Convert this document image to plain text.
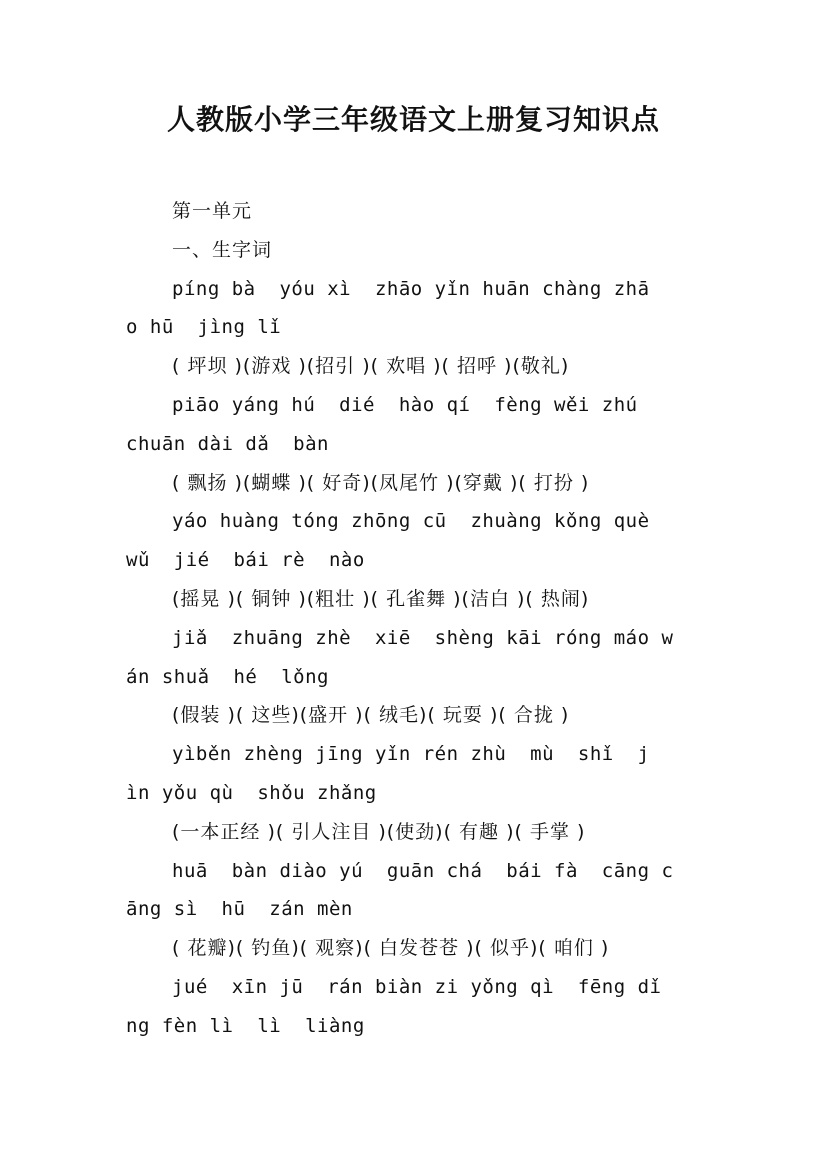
人教版小学三年级语文上册复习知识点
第一单元
一、生字词
píng bà  yóu xì  zhāo yǐn huān chàng zhā
o hū  jìng lǐ
( 坪坝 )(游戏 )(招引 )( 欢唱 )( 招呼 )(敬礼)
piāo yáng hú  dié  hào qí  fèng wěi zhú
chuān dài dǎ  bàn
( 飘扬 )(蝴蝶 )( 好奇)(凤尾竹 )(穿戴 )( 打扮 )
yáo huàng tóng zhōng cū  zhuàng kǒng què
wǔ  jié  bái rè  nào
(摇晃 )( 铜钟 )(粗壮 )( 孔雀舞 )(洁白 )( 热闹)
jiǎ  zhuāng zhè  xiē  shèng kāi róng máo w
án shuǎ  hé  lǒng
(假装 )( 这些)(盛开 )( 绒毛)( 玩耍 )( 合拢 )
yìběn zhèng jīng yǐn rén zhù  mù  shǐ  j
ìn yǒu qù  shǒu zhǎng
(一本正经 )( 引人注目 )(使劲)( 有趣 )( 手掌 )
huā  bàn diào yú  guān chá  bái fà  cāng c
āng sì  hū  zán mèn
( 花瓣)( 钓鱼)( 观察)( 白发苍苍 )( 似乎)( 咱们 )
jué  xīn jū  rán biàn zi yǒng qì  fēng dǐ
ng fèn lì  lì  liàng
